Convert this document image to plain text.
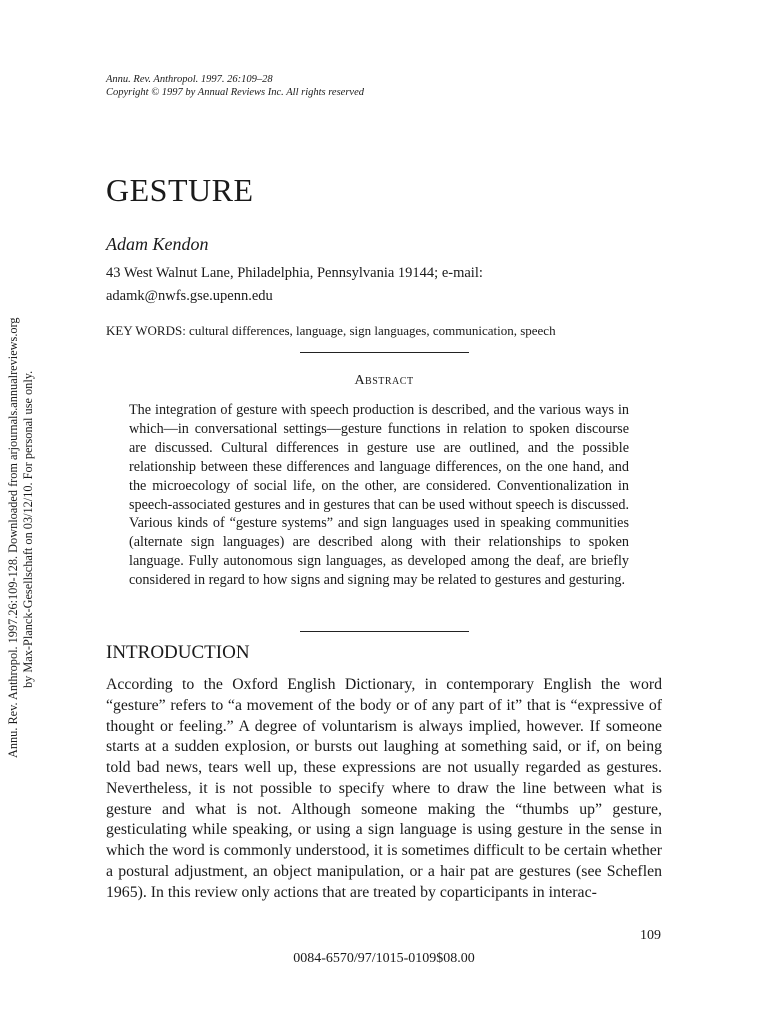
Annu. Rev. Anthropol. 1997. 26:109–28
Copyright © 1997 by Annual Reviews Inc. All rights reserved
GESTURE
Adam Kendon
43 West Walnut Lane, Philadelphia, Pennsylvania 19144; e-mail:
adamk@nwfs.gse.upenn.edu
KEY WORDS: cultural differences, language, sign languages, communication, speech
Abstract
The integration of gesture with speech production is described, and the various ways in which—in conversational settings—gesture functions in relation to spoken discourse are discussed. Cultural differences in gesture use are outlined, and the possible relationship between these differences and language differences, on the one hand, and the microecology of social life, on the other, are considered. Conventionalization in speech-associated gestures and in gestures that can be used without speech is discussed. Various kinds of “gesture systems” and sign languages used in speaking communities (alternate sign languages) are described along with their relationships to spoken language. Fully autonomous sign languages, as developed among the deaf, are briefly considered in regard to how signs and signing may be related to gestures and gesturing.
INTRODUCTION
According to the Oxford English Dictionary, in contemporary English the word “gesture” refers to “a movement of the body or of any part of it” that is “expressive of thought or feeling.” A degree of voluntarism is always implied, however. If someone starts at a sudden explosion, or bursts out laughing at something said, or if, on being told bad news, tears well up, these expressions are not usually regarded as gestures. Nevertheless, it is not possible to specify where to draw the line between what is gesture and what is not. Although someone making the “thumbs up” gesture, gesticulating while speaking, or using a sign language is using gesture in the sense in which the word is commonly understood, it is sometimes difficult to be certain whether a postural adjustment, an object manipulation, or a hair pat are gestures (see Scheflen 1965). In this review only actions that are treated by coparticipants in interac-
109
0084-6570/97/1015-0109$08.00
Annu. Rev. Anthropol. 1997.26:109-128. Downloaded from arjournals.annualreviews.org by Max-Planck-Gesellschaft on 03/12/10. For personal use only.
